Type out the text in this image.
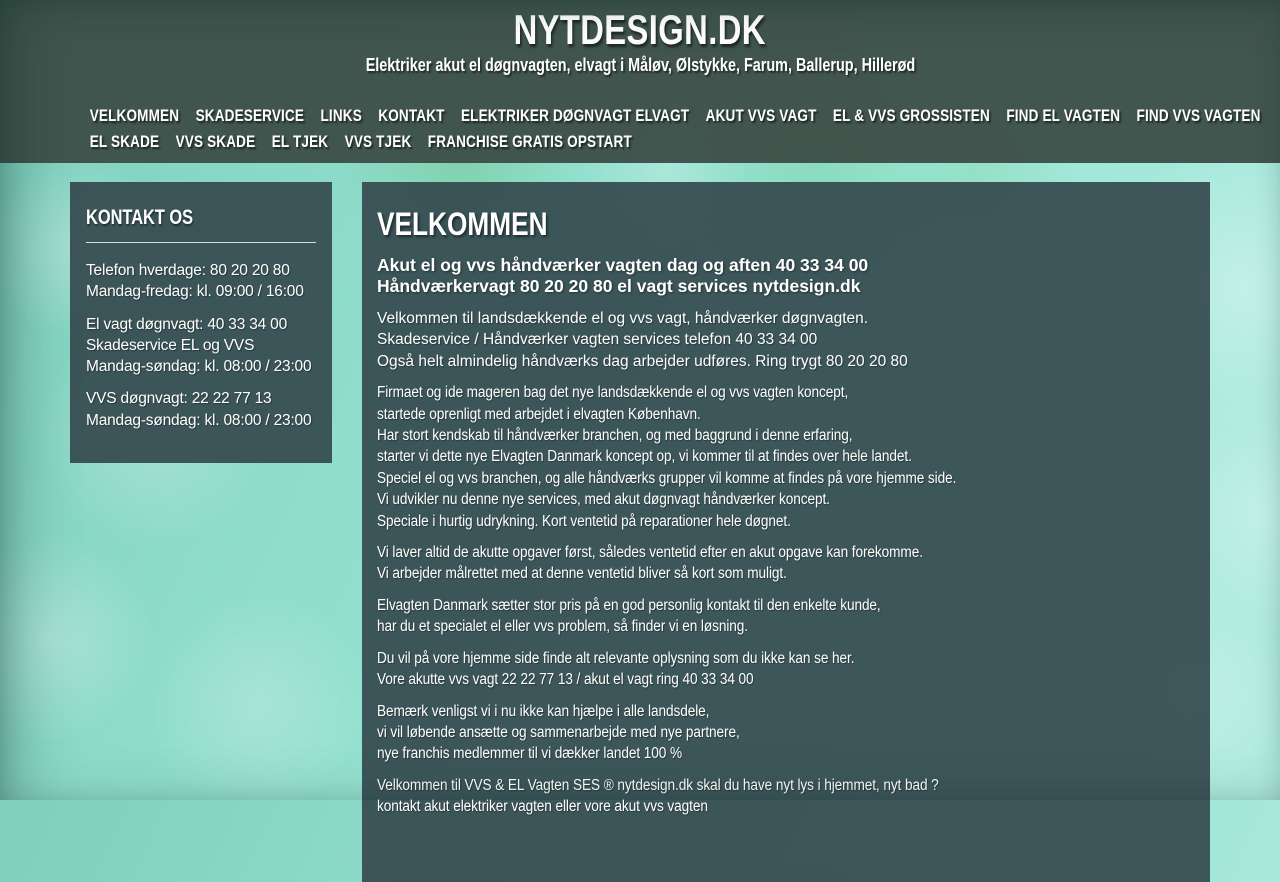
NYTDESIGN.DK
Elektriker akut el døgnvagten, elvagt i Måløv, Ølstykke, Farum, Ballerup, Hillerød
VELKOMMEN SKADESERVICE LINKS KONTAKT ELEKTRIKER DØGNVAGT ELVAGT AKUT VVS VAGT EL & VVS GROSSISTEN FIND EL VAGTEN FIND VVS VAGTEN
EL SKADE VVS SKADE EL TJEK VVS TJEK FRANCHISE GRATIS OPSTART
KONTAKT OS

Telefon hverdage: 80 20 20 80
Mandag-fredag: kl. 09:00 / 16:00

El vagt døgnvagt: 40 33 34 00
Skadeservice EL og VVS
Mandag-søndag: kl. 08:00 / 23:00

VVS døgnvagt: 22 22 77 13
Mandag-søndag: kl. 08:00 / 23:00

VELKOMMEN

Akut el og vvs håndværker vagten dag og aften 40 33 34 00
Håndværkervagt 80 20 20 80 el vagt services nytdesign.dk

Velkommen til landsdækkende el og vvs vagt, håndværker døgnvagten.
Skadeservice / Håndværker vagten services telefon 40 33 34 00
Også helt almindelig håndværks dag arbejder udføres. Ring trygt 80 20 20 80

Firmaet og ide mageren bag det nye landsdækkende el og vvs vagten koncept,
startede oprenligt med arbejdet i elvagten København.
Har stort kendskab til håndværker branchen, og med baggrund i denne erfaring,
starter vi dette nye Elvagten Danmark koncept op, vi kommer til at findes over hele landet.
Speciel el og vvs branchen, og alle håndværks grupper vil komme at findes på vore hjemme side.
Vi udvikler nu denne nye services, med akut døgnvagt håndværker koncept.
Speciale i hurtig udrykning. Kort ventetid på reparationer hele døgnet.

Vi laver altid de akutte opgaver først, således ventetid efter en akut opgave kan forekomme.
Vi arbejder målrettet med at denne ventetid bliver så kort som muligt.

Elvagten Danmark sætter stor pris på en god personlig kontakt til den enkelte kunde,
har du et specialet el eller vvs problem, så finder vi en løsning.

Du vil på vore hjemme side finde alt relevante oplysning som du ikke kan se her.
Vore akutte vvs vagt 22 22 77 13 / akut el vagt ring 40 33 34 00

Bemærk venligst vi i nu ikke kan hjælpe i alle landsdele,
vi vil løbende ansætte og sammenarbejde med nye partnere,
nye franchis medlemmer til vi dækker landet 100 %

Velkommen til VVS & EL Vagten SES ® nytdesign.dk skal du have nyt lys i hjemmet, nyt bad ?
kontakt akut elektriker vagten eller vore akut vvs vagten
